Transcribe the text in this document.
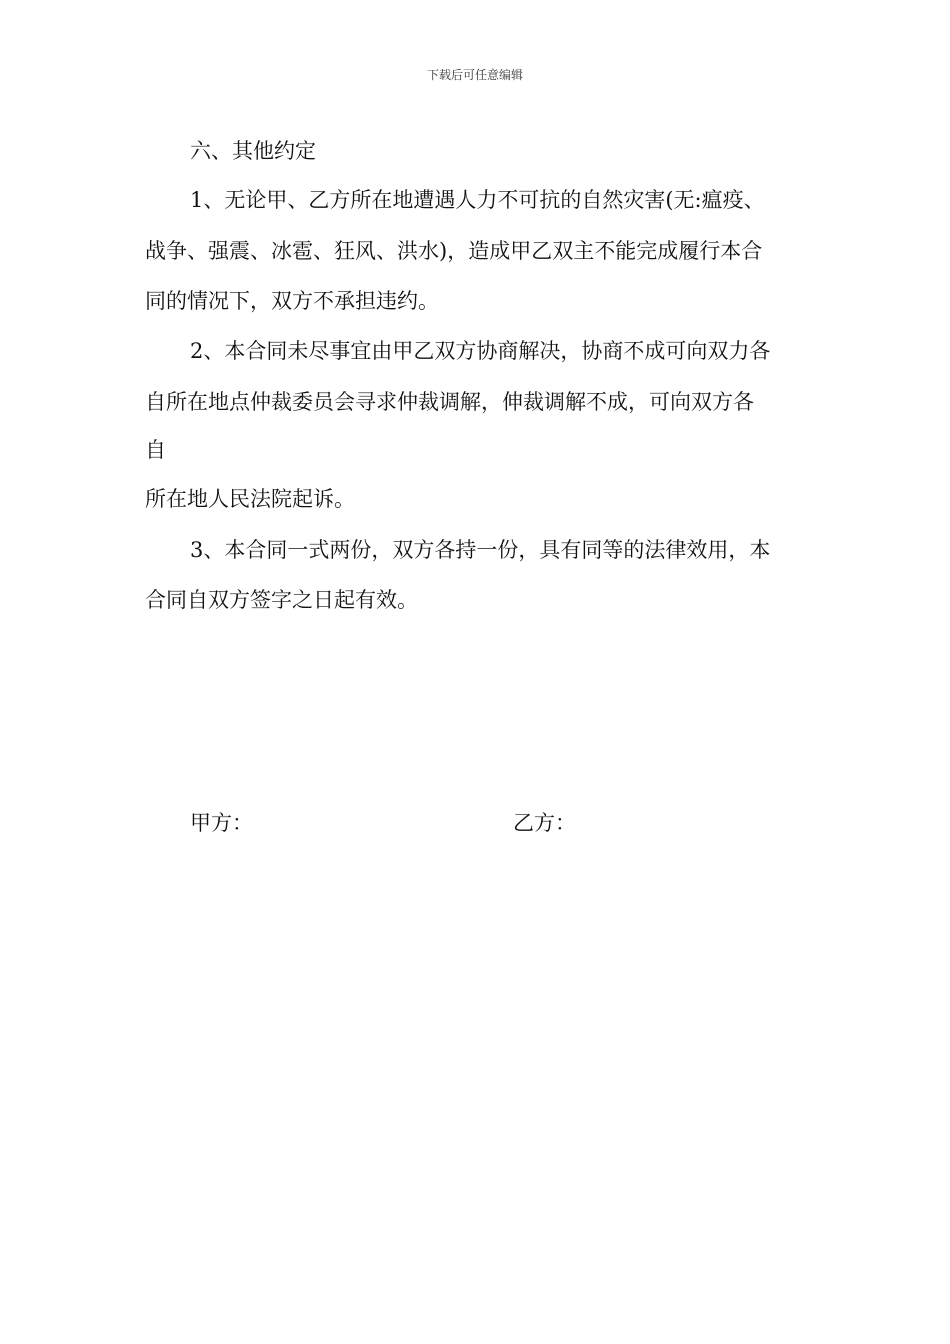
下载后可任意编辑
六、其他约定
1、无论甲、乙方所在地遭遇人力不可抗的自然灾害(无:瘟疫、
战争、强震、冰雹、狂风、洪水)，造成甲乙双主不能完成履行本合
同的情况下，双方不承担违约。
2、本合同未尽事宜由甲乙双方协商解决，协商不成可向双力各
自所在地点仲裁委员会寻求仲裁调解，伸裁调解不成，可向双方各
自
所在地人民法院起诉。
3、本合同一式两份，双方各持一份，具有同等的法律效用，本
合同自双方签字之日起有效。
甲方：	乙方：
